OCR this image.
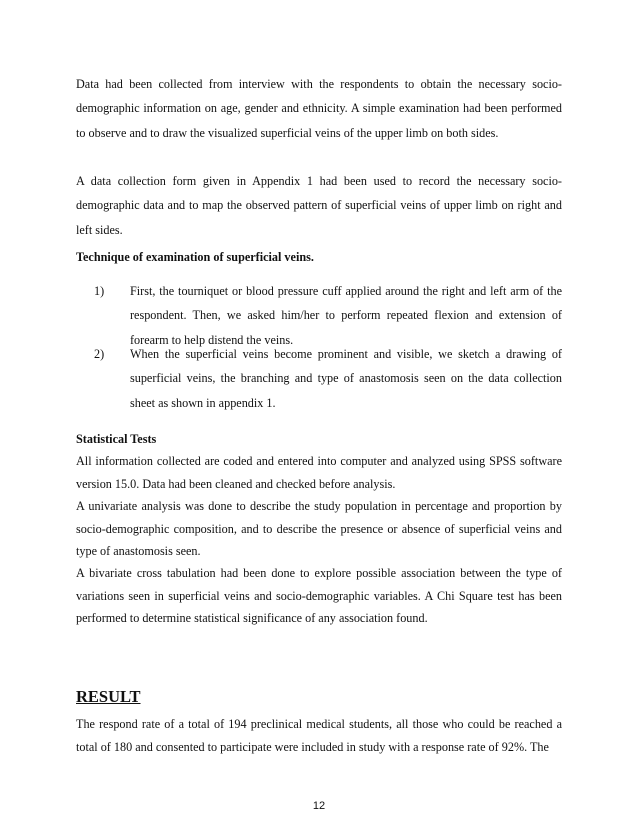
Data had been collected from interview with the respondents to obtain the necessary socio-demographic information on age, gender and ethnicity. A simple examination had been performed to observe and to draw the visualized superficial veins of the upper limb on both sides.

A data collection form given in Appendix 1 had been used to record the necessary socio-demographic data and to map the observed pattern of superficial veins of upper limb on right and left sides.

Technique of examination of superficial veins.

1) First, the tourniquet or blood pressure cuff applied around the right and left arm of the respondent. Then, we asked him/her to perform repeated flexion and extension of forearm to help distend the veins.
2) When the superficial veins become prominent and visible, we sketch a drawing of superficial veins, the branching and type of anastomosis seen on the data collection sheet as shown in appendix 1.

Statistical Tests

All information collected are coded and entered into computer and analyzed using SPSS software version 15.0. Data had been cleaned and checked before analysis.

A univariate analysis was done to describe the study population in percentage and proportion by socio-demographic composition, and to describe the presence or absence of superficial veins and type of anastomosis seen.

A bivariate cross tabulation had been done to explore possible association between the type of variations seen in superficial veins and socio-demographic variables. A Chi Square test has been performed to determine statistical significance of any association found.

RESULT

The respond rate of a total of 194 preclinical medical students, all those who could be reached a total of 180 and consented to participate were included in study with a response rate of 92%. The

12
